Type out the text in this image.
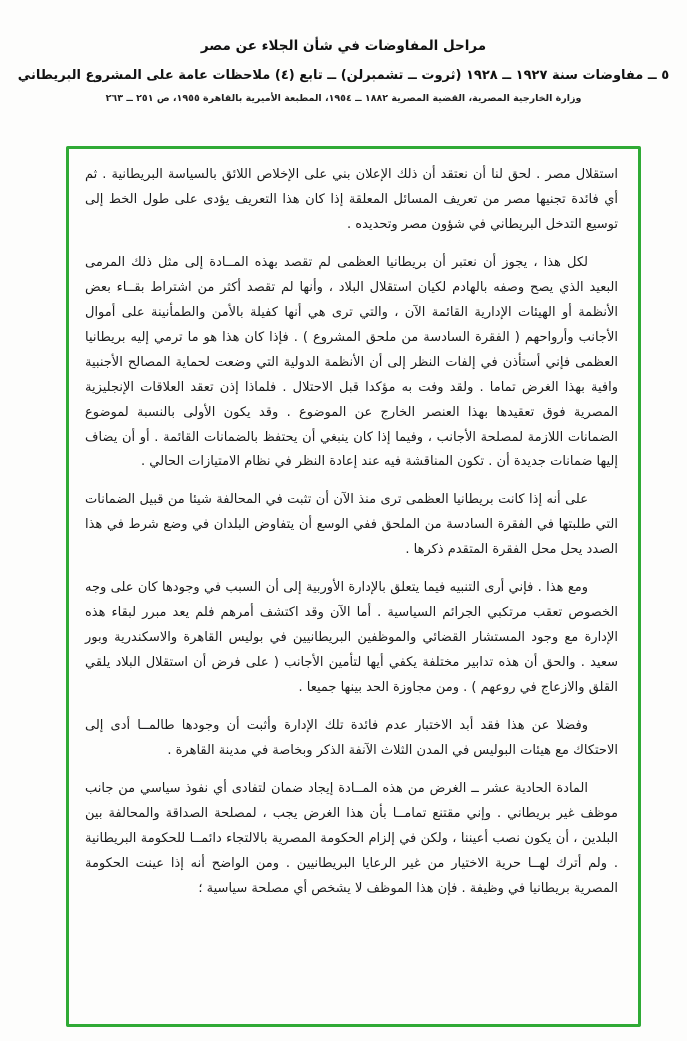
مراحل المفاوضات في شأن الجلاء عن مصر

٥ ــ مفاوضات سنة ١٩٢٧ ــ ١٩٢٨ (ثروت ــ تشمبرلن) ــ تابع (٤) ملاحظات عامة على المشروع البريطاني

وزارة الخارجية المصرية، القضية المصرية ١٨٨٢ ــ ١٩٥٤، المطبعة الأميرية بالقاهرة ١٩٥٥، ص ٢٥١ ــ ٢٦٣

استقلال مصر . لحق لنا أن نعتقد أن ذلك الإعلان بني على الإخلاص اللائق بالسياسة البريطانية . ثم أي فائدة تجنيها مصر من تعريف المسائل المعلقة إذا كان هذا التعريف يؤدى على طول الخط إلى توسيع التدخل البريطاني في شؤون مصر وتحديده .

لكل هذا ، يجوز أن نعتبر أن بريطانيا العظمى لم تقصد بهذه المــادة إلى مثل ذلك المرمى البعيد الذي يصح وصفه بالهادم لكيان استقلال البلاد ، وأنها لم تقصد أكثر من اشتراط بقــاء بعض الأنظمة أو الهيئات الإدارية القائمة الآن ، والتي ترى هي أنها كفيلة بالأمن والطمأنينة على أموال الأجانب وأرواحهم ( الفقرة السادسة من ملحق المشروع ) . فإذا كان هذا هو ما ترمي إليه بريطانيا العظمى فإني أستأذن في إلفات النظر إلى أن الأنظمة الدولية التي وضعت لحماية المصالح الأجنبية وافية بهذا الغرض تماما . ولقد وفت به مؤكدا قبل الاحتلال . فلماذا إذن تعقد العلاقات الإنجليزية المصرية فوق تعقيدها بهذا العنصر الخارج عن الموضوع . وقد يكون الأولى بالنسبة لموضوع الضمانات اللازمة لمصلحة الأجانب ، وفيما إذا كان ينبغي أن يحتفظ بالضمانات القائمة . أو أن يضاف إليها ضمانات جديدة أن . تكون المناقشة فيه عند إعادة النظر في نظام الامتيازات الحالي .

على أنه إذا كانت بريطانيا العظمى ترى منذ الآن أن تثبت في المحالفة شيئا من قبيل الضمانات التي طلبتها في الفقرة السادسة من الملحق ففي الوسع أن يتفاوض البلدان في وضع شرط في هذا الصدد يحل محل الفقرة المتقدم ذكرها .

ومع هذا . فإني أرى التنبيه فيما يتعلق بالإدارة الأوربية إلى أن السبب في وجودها كان على وجه الخصوص تعقب مرتكبي الجرائم السياسية . أما الآن وقد اكتشف أمرهم فلم يعد مبرر لبقاء هذه الإدارة مع وجود المستشار القضائي والموظفين البريطانيين في بوليس القاهرة والاسكندرية وبور سعيد . والحق أن هذه تدابير مختلفة يكفي أيها لتأمين الأجانب ( على فرض أن استقلال البلاد يلقي القلق والازعاج في روعهم ) . ومن مجاوزة الحد بينها جميعا .

وفضلا عن هذا فقد أبد الاختبار عدم فائدة تلك الإدارة وأثبت أن وجودها طالمــا أدى إلى الاحتكاك مع هيئات البوليس في المدن الثلاث الآنفة الذكر وبخاصة في مدينة القاهرة .

المادة الحادية عشر ــ الغرض من هذه المــادة إيجاد ضمان لتفادى أي نفوذ سياسي من جانب موظف غير بريطاني . وإني مقتنع تمامــا بأن هذا الغرض يجب ، لمصلحة الصداقة والمحالفة بين البلدين ، أن يكون نصب أعيننا ، ولكن في إلزام الحكومة المصرية بالالتجاء دائمــا للحكومة البريطانية . ولم أترك لهــا حرية الاختيار من غير الرعايا البريطانيين . ومن الواضح أنه إذا عينت الحكومة المصرية بريطانيا في وظيفة . فإن هذا الموظف لا يشخص أي مصلحة سياسية ؛
